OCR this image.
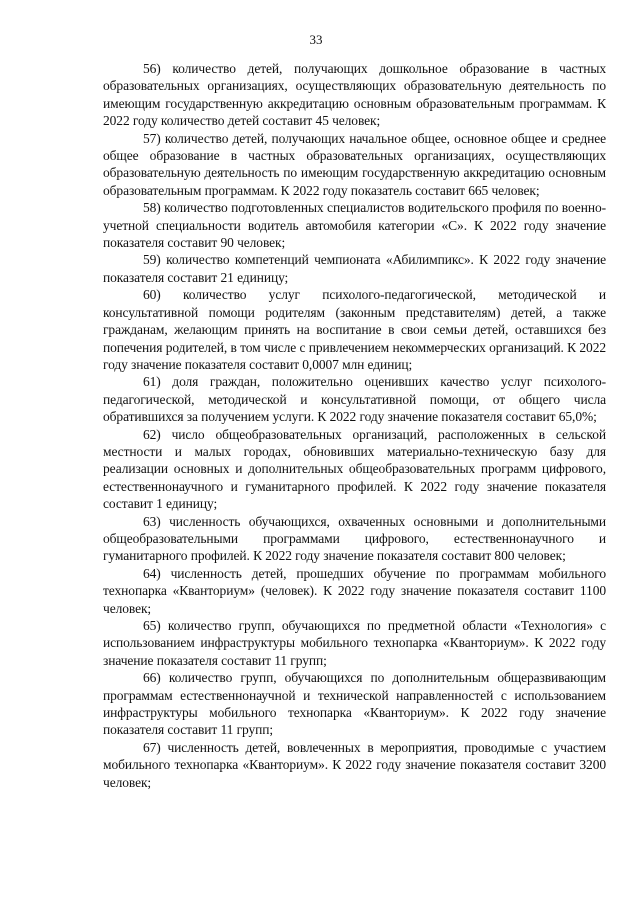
33

56) количество детей, получающих дошкольное образование в частных образовательных организациях, осуществляющих образовательную деятельность по имеющим государственную аккредитацию основным образовательным программам. К 2022 году количество детей составит 45 человек;

57) количество детей, получающих начальное общее, основное общее и среднее общее образование в частных образовательных организациях, осуществляющих образовательную деятельность по имеющим государственную аккредитацию основным образовательным программам. К 2022 году показатель составит 665 человек;

58) количество подготовленных специалистов водительского профиля по военно-учетной специальности водитель автомобиля категории «С». К 2022 году значение показателя составит 90 человек;

59) количество компетенций чемпионата «Абилимпикс». К 2022 году значение показателя составит 21 единицу;

60) количество услуг психолого-педагогической, методической и консультативной помощи родителям (законным представителям) детей, а также гражданам, желающим принять на воспитание в свои семьи детей, оставшихся без попечения родителей, в том числе с привлечением некоммерческих организаций. К 2022 году значение показателя составит 0,0007 млн единиц;

61) доля граждан, положительно оценивших качество услуг психолого-педагогической, методической и консультативной помощи, от общего числа обратившихся за получением услуги. К 2022 году значение показателя составит 65,0%;

62) число общеобразовательных организаций, расположенных в сельской местности и малых городах, обновивших материально-техническую базу для реализации основных и дополнительных общеобразовательных программ цифрового, естественнонаучного и гуманитарного профилей. К 2022 году значение показателя составит 1 единицу;

63) численность обучающихся, охваченных основными и дополнительными общеобразовательными программами цифрового, естественнонаучного и гуманитарного профилей. К 2022 году значение показателя составит 800 человек;

64) численность детей, прошедших обучение по программам мобильного технопарка «Кванториум» (человек). К 2022 году значение показателя составит 1100 человек;

65) количество групп, обучающихся по предметной области «Технология» с использованием инфраструктуры мобильного технопарка «Кванториум». К 2022 году значение показателя составит 11 групп;

66) количество групп, обучающихся по дополнительным общеразвивающим программам естественнонаучной и технической направленностей с использованием инфраструктуры мобильного технопарка «Кванториум». К 2022 году значение показателя составит 11 групп;

67) численность детей, вовлеченных в мероприятия, проводимые с участием мобильного технопарка «Кванториум». К 2022 году значение показателя составит 3200 человек;
